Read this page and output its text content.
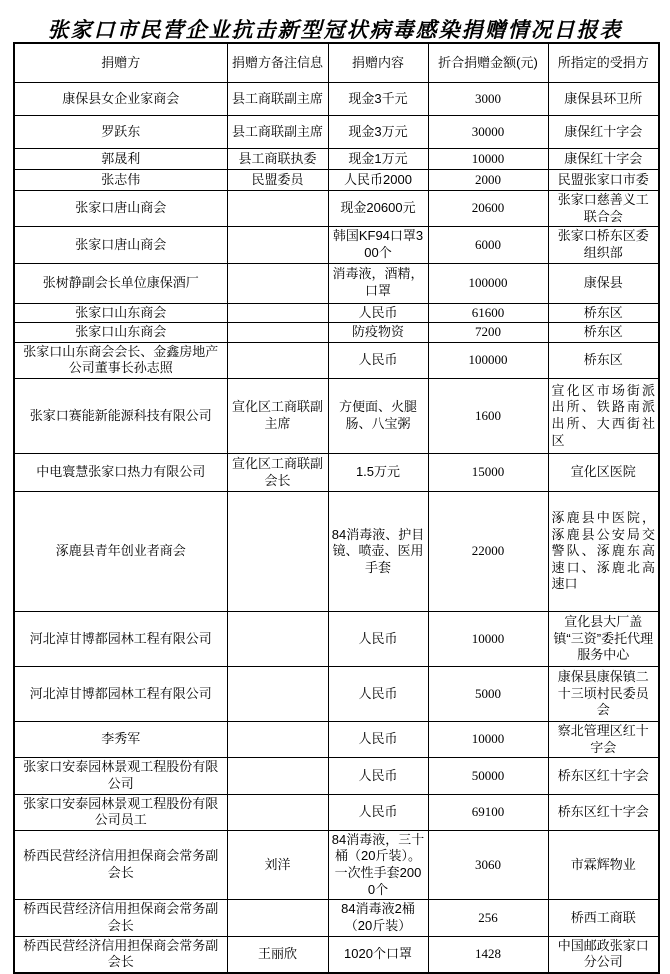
张家口市民营企业抗击新型冠状病毒感染捐赠情况日报表
捐赠方	捐赠方备注信息	捐赠内容	折合捐赠金额(元)	所指定的受捐方
康保县女企业家商会	县工商联副主席	现金3千元	3000	康保县环卫所
罗跃东	县工商联副主席	现金3万元	30000	康保红十字会
郭晟利	县工商联执委	现金1万元	10000	康保红十字会
张志伟	民盟委员	人民币2000	2000	民盟张家口市委
张家口唐山商会		现金20600元	20600	张家口慈善义工联合会
张家口唐山商会		韩国KF94口罩300个	6000	张家口桥东区委组织部
张树静副会长单位康保酒厂		消毒液，酒精，口罩	100000	康保县
张家口山东商会		人民币	61600	桥东区
张家口山东商会		防疫物资	7200	桥东区
张家口山东商会会长、金鑫房地产公司董事长孙志照		人民币	100000	桥东区
张家口赛能新能源科技有限公司	宣化区工商联副主席	方便面、火腿肠、八宝粥	1600	宣化区市场街派出所、铁路南派出所、大西街社区
中电寰慧张家口热力有限公司	宣化区工商联副会长	1.5万元	15000	宣化区医院
涿鹿县青年创业者商会		84消毒液、护目镜、喷壶、医用手套	22000	涿鹿县中医院，涿鹿县公安局交警队、涿鹿东高速口、涿鹿北高速口
河北淖甘博都园林工程有限公司		人民币	10000	宣化县大厂盖镇“三资”委托代理服务中心
河北淖甘博都园林工程有限公司		人民币	5000	康保县康保镇二十三顷村民委员会
李秀军		人民币	10000	察北管理区红十字会
张家口安泰园林景观工程股份有限公司		人民币	50000	桥东区红十字会
张家口安泰园林景观工程股份有限公司员工		人民币	69100	桥东区红十字会
桥西民营经济信用担保商会常务副会长	刘洋	84消毒液，三十桶（20斤装）。一次性手套2000个	3060	市霖辉物业
桥西民营经济信用担保商会常务副会长		84消毒液2桶（20斤装）	256	桥西工商联
桥西民营经济信用担保商会常务副会长	王丽欣	1020个口罩	1428	中国邮政张家口分公司
